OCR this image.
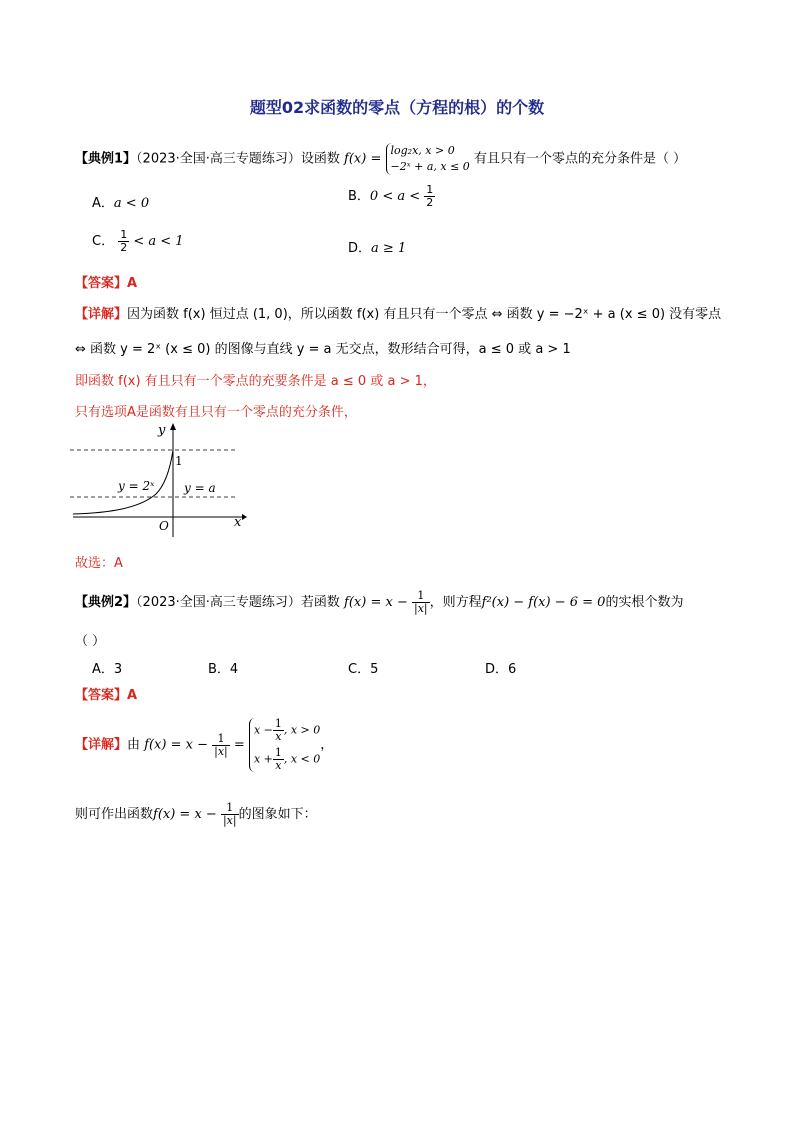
题型02求函数的零点（方程的根）的个数
【典例1】（2023·全国·高三专题练习）设函数 f(x) =
log₂x, x > 0
−2ˣ + a, x ≤ 0 有且只有一个零点的充分条件是（ ）
A．a < 0	B．$0 < a < \frac{1}{2}$
C． $\frac{1}{2} < a < 1$	D．a ≥ 1
【答案】A
【详解】因为函数 f(x) 恒过点 (1, 0)，所以函数 f(x) 有且只有一个零点 ⇔ 函数 y = −2ˣ + a (x ≤ 0) 没有零点
⇔ 函数 y = 2ˣ (x ≤ 0) 的图像与直线 y = a 无交点，数形结合可得，a ≤ 0 或 a > 1
即函数 f(x) 有且只有一个零点的充要条件是 a ≤ 0 或 a > 1，
只有选项A是函数有且只有一个零点的充分条件，
y
x
1
O
y = 2ˣ y = a
故选：A
【典例2】（2023·全国·高三专题练习）若函数 $f(x) = x - \frac{1}{|x|}$ ，则方程f²(x) − f(x) − 6 = 0的实根个数为
（ ）
A．3	B．4	C．5	D．6
【答案】A
【详解】由 $f(x) = x - \frac{1}{|x|}$ =
$x - \frac{1}{x}$ , x > 0
$x + \frac{1}{x}$ , x < 0
，
则可作出函数$f(x) = x - \frac{1}{|x|}$ 的图象如下：
